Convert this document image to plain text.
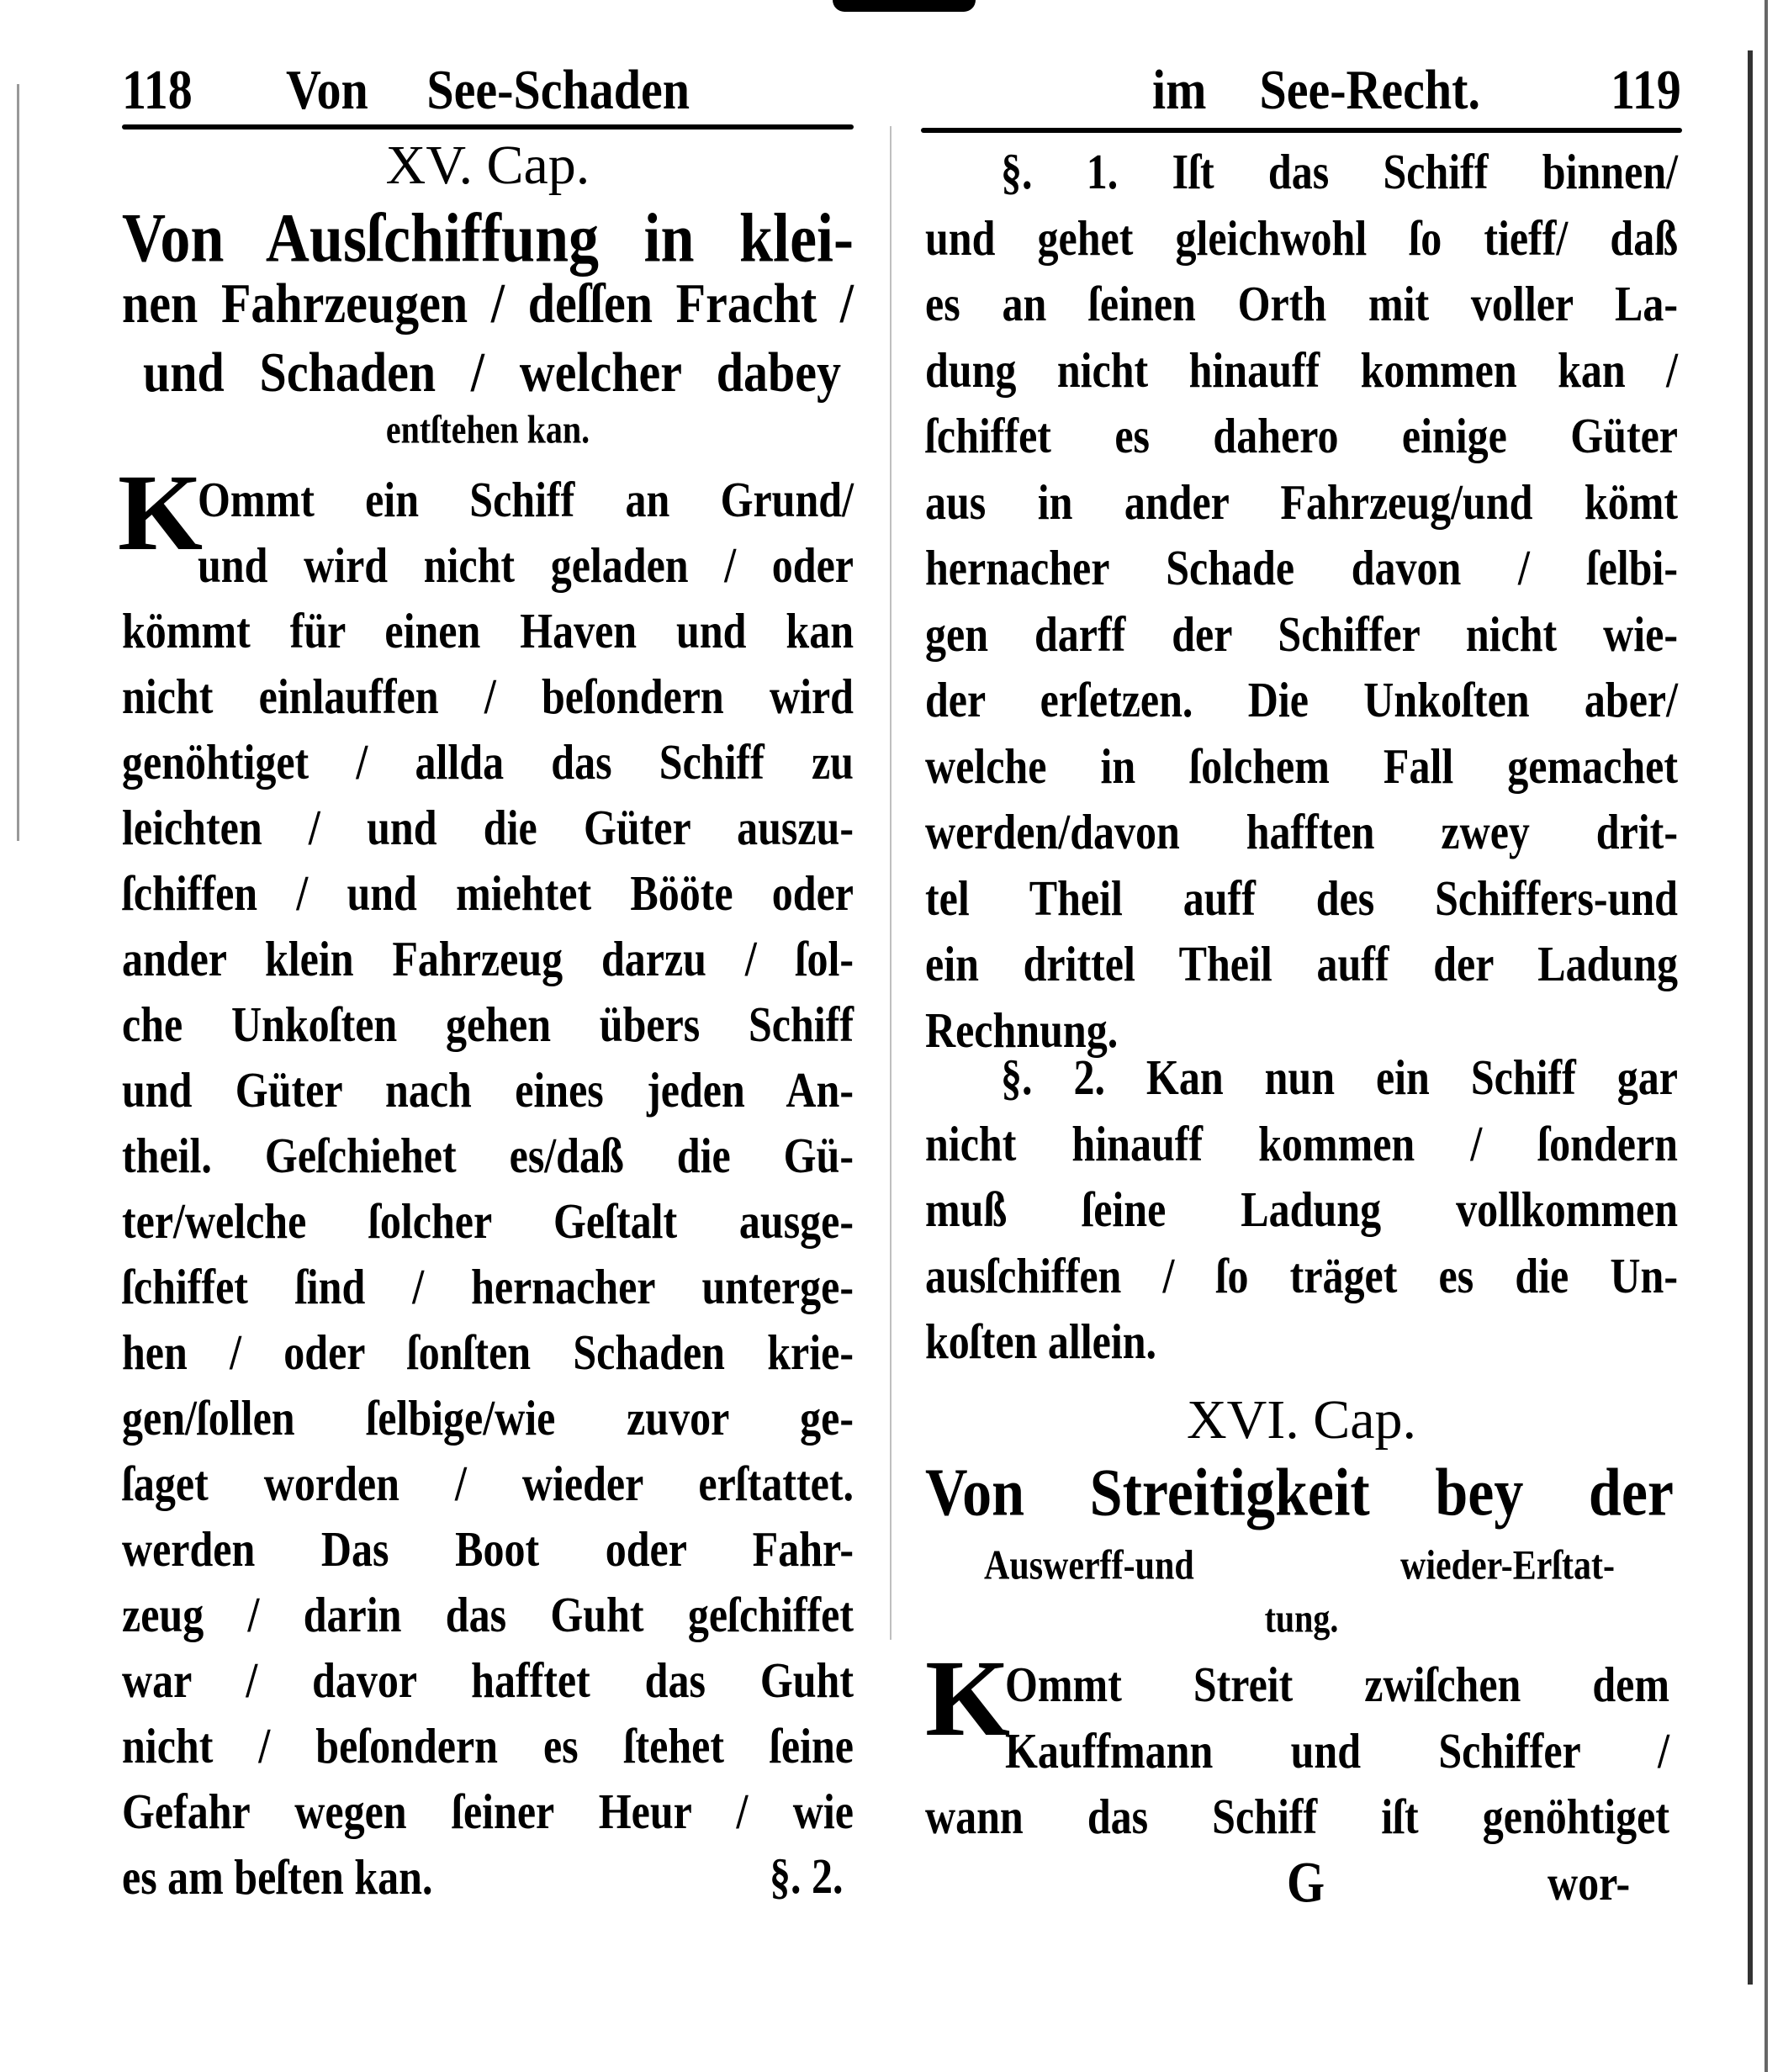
118 Von See-Schaden
XV. Cap.
Von Ausſchiffung in klei-
nen Fahrzeugen / deſſen Fracht /
und Schaden / welcher dabey
entſtehen kan.
K
Ommt ein Schiff an Grund/
und wird nicht geladen / oder
kömmt für einen Haven und kan
nicht einlauffen / beſondern wird
genöhtiget / allda das Schiff zu
leichten / und die Güter auszu-
ſchiffen / und miehtet Bööte oder
ander klein Fahrzeug darzu / ſol-
che Unkoſten gehen übers Schiff
und Güter nach eines jeden An-
theil. Geſchiehet es/daß die Gü-
ter/welche ſolcher Geſtalt ausge-
ſchiffet ſind / hernacher unterge-
hen / oder ſonſten Schaden krie-
gen/ſollen ſelbige/wie zuvor ge-
ſaget worden / wieder erſtattet.
werden Das Boot oder Fahr-
zeug / darin das Guht geſchiffet
war / davor hafftet das Guht
nicht / beſondern es ſtehet ſeine
Gefahr wegen ſeiner Heur / wie
es am beſten kan.	§. 2.
im See-Recht.	119
§. 1. Iſt das Schiff binnen/
und gehet gleichwohl ſo tieff/ daß
es an ſeinen Orth mit voller La-
dung nicht hinauff kommen kan /
ſchiffet es dahero einige Güter
aus in ander Fahrzeug/und kömt
hernacher Schade davon / ſelbi-
gen darff der Schiffer nicht wie-
der erſetzen. Die Unkoſten aber/
welche in ſolchem Fall gemachet
werden/davon hafften zwey drit-
tel Theil auff des Schiffers-und
ein drittel Theil auff der Ladung
Rechnung.
§. 2. Kan nun ein Schiff gar
nicht hinauff kommen / ſondern
muß ſeine Ladung vollkommen
ausſchiffen / ſo träget es die Un-
koſten allein.
XVI. Cap.
Von Streitigkeit bey der
Auswerff-und wieder-Erſtat-
tung.
K
Ommt Streit zwiſchen dem
Kauffmann und Schiffer /
wann das Schiff iſt genöhtiget
G	wor-
